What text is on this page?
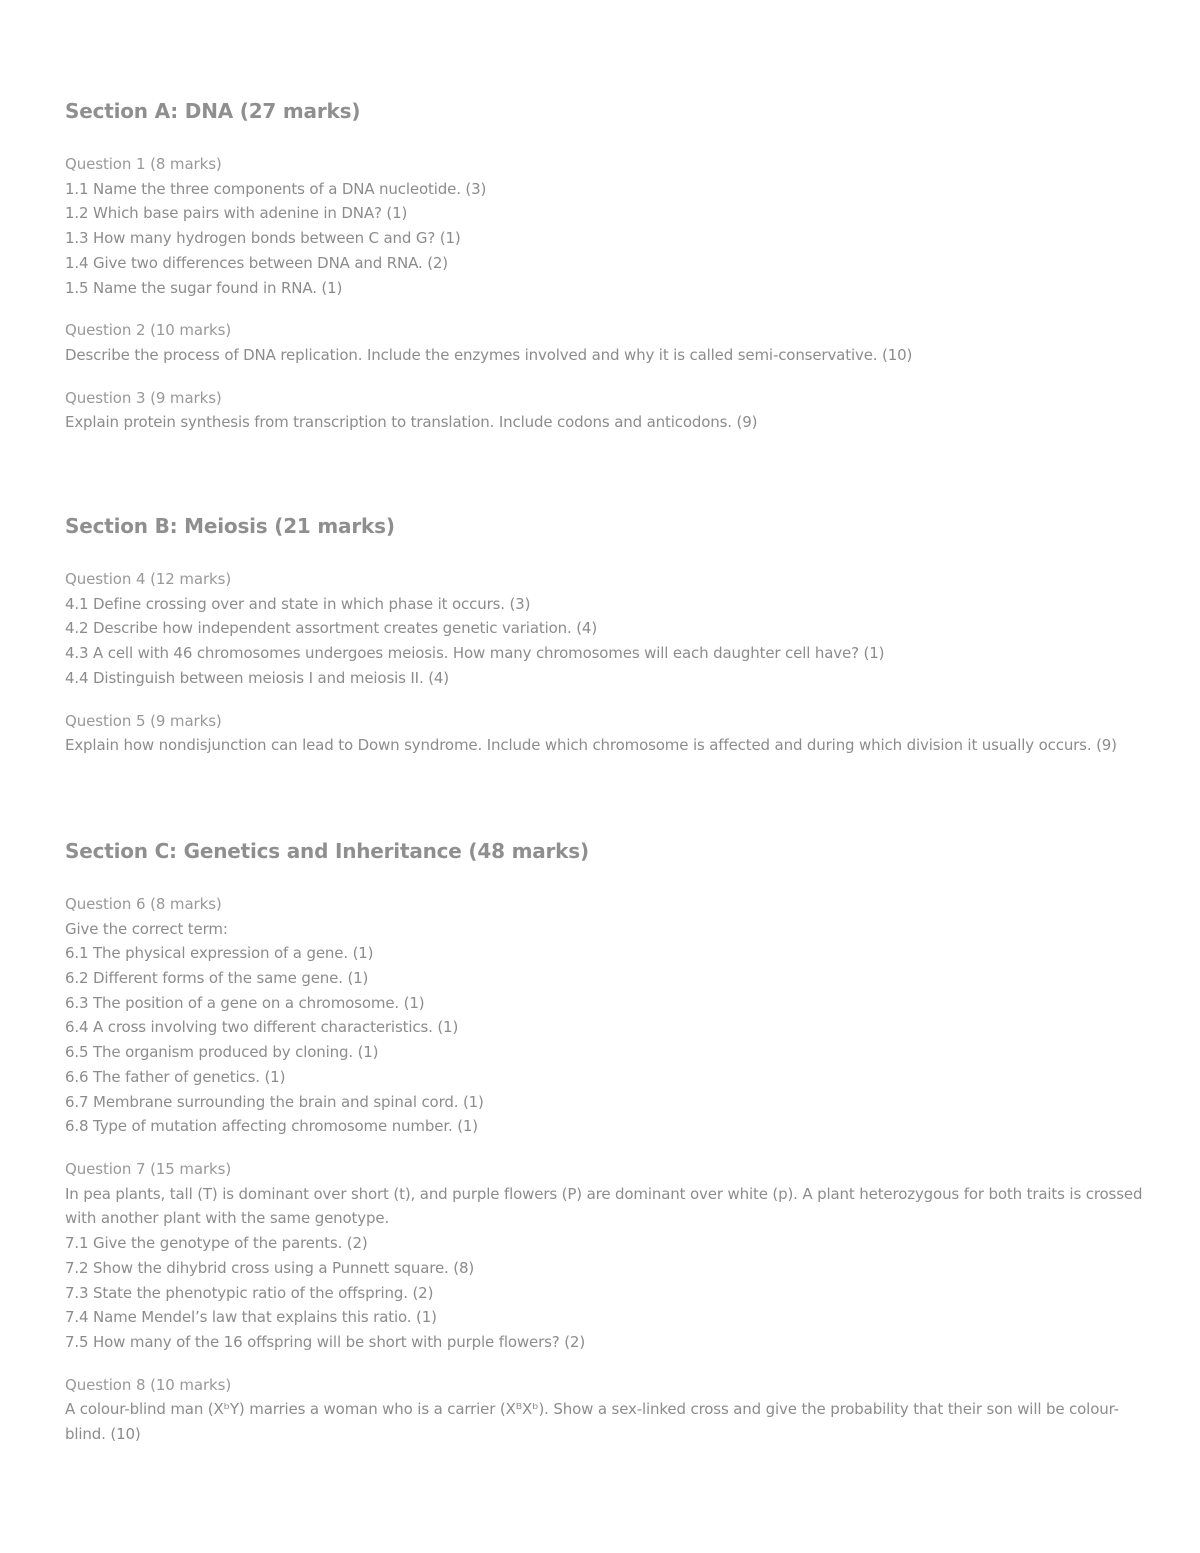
Section A: DNA (27 marks)
Question 1 (8 marks)
1.1 Name the three components of a DNA nucleotide. (3)
1.2 Which base pairs with adenine in DNA? (1)
1.3 How many hydrogen bonds between C and G? (1)
1.4 Give two differences between DNA and RNA. (2)
1.5 Name the sugar found in RNA. (1)
Question 2 (10 marks)
Describe the process of DNA replication. Include the enzymes involved and why it is called semi-conservative. (10)
Question 3 (9 marks)
Explain protein synthesis from transcription to translation. Include codons and anticodons. (9)
Section B: Meiosis (21 marks)
Question 4 (12 marks)
4.1 Define crossing over and state in which phase it occurs. (3)
4.2 Describe how independent assortment creates genetic variation. (4)
4.3 A cell with 46 chromosomes undergoes meiosis. How many chromosomes will each daughter cell have? (1)
4.4 Distinguish between meiosis I and meiosis II. (4)
Question 5 (9 marks)
Explain how nondisjunction can lead to Down syndrome. Include which chromosome is affected and during which division it usually occurs. (9)
Section C: Genetics and Inheritance (48 marks)
Question 6 (8 marks)
Give the correct term:
6.1 The physical expression of a gene. (1)
6.2 Different forms of the same gene. (1)
6.3 The position of a gene on a chromosome. (1)
6.4 A cross involving two different characteristics. (1)
6.5 The organism produced by cloning. (1)
6.6 The father of genetics. (1)
6.7 Membrane surrounding the brain and spinal cord. (1)
6.8 Type of mutation affecting chromosome number. (1)
Question 7 (15 marks)
In pea plants, tall (T) is dominant over short (t), and purple flowers (P) are dominant over white (p). A plant heterozygous for both traits is crossed with another plant with the same genotype.
7.1 Give the genotype of the parents. (2)
7.2 Show the dihybrid cross using a Punnett square. (8)
7.3 State the phenotypic ratio of the offspring. (2)
7.4 Name Mendel’s law that explains this ratio. (1)
7.5 How many of the 16 offspring will be short with purple flowers? (2)
Question 8 (10 marks)
A colour-blind man (XᵇY) marries a woman who is a carrier (XᴮXᵇ). Show a sex-linked cross and give the probability that their son will be colour-blind. (10)
